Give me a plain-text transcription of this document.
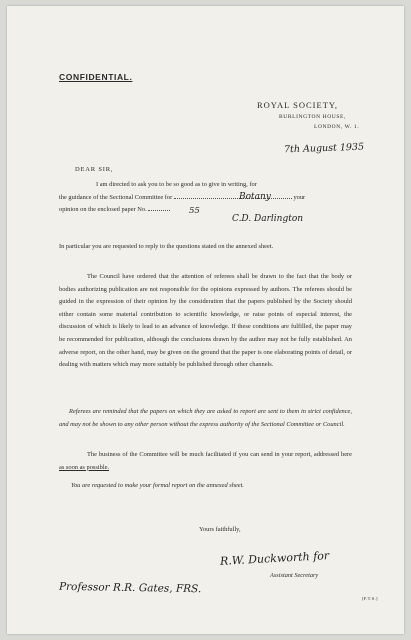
CONFIDENTIAL.
ROYAL SOCIETY,
BURLINGTON HOUSE,
LONDON, W. 1.
7th August 1935
DEAR SIR,
I am directed to ask you to be so good as to give in writing, for
the guidance of the Sectional Committee for	your
opinion on the enclosed paper No.
Botany
55
C.D. Darlington
In particular you are requested to reply to the questions stated on the annexed sheet.
The Council have ordered that the attention of referees shall be drawn to the fact that the body or bodies authorizing publication are not responsible for the opinions expressed by authors. The referees should be guided in the expression of their opinion by the consideration that the papers published by the Society should either contain some material contribution to scientific knowledge, or raise points of especial interest, the discussion of which is likely to lead to an advance of knowledge. If these conditions are fulfilled, the paper may be recommended for publication, although the conclusions drawn by the author may not be fully established. An adverse report, on the other hand, may be given on the ground that the paper is one elaborating points of detail, or dealing with matters which may more suitably be published through other channels.
Referees are reminded that the papers on which they are asked to report are sent to them in strict confidence, and may not be shown to any other person without the express authority of the Sectional Committee or Council.
The business of the Committee will be much facilitated if you can send in your report, addressed here as soon as possible.
You are requested to make your formal report on the annexed sheet.
Yours faithfully,
R.W. Duckworth for
Assistant Secretary
Professor R.R. Gates, FRS.
[F.T.S.]
